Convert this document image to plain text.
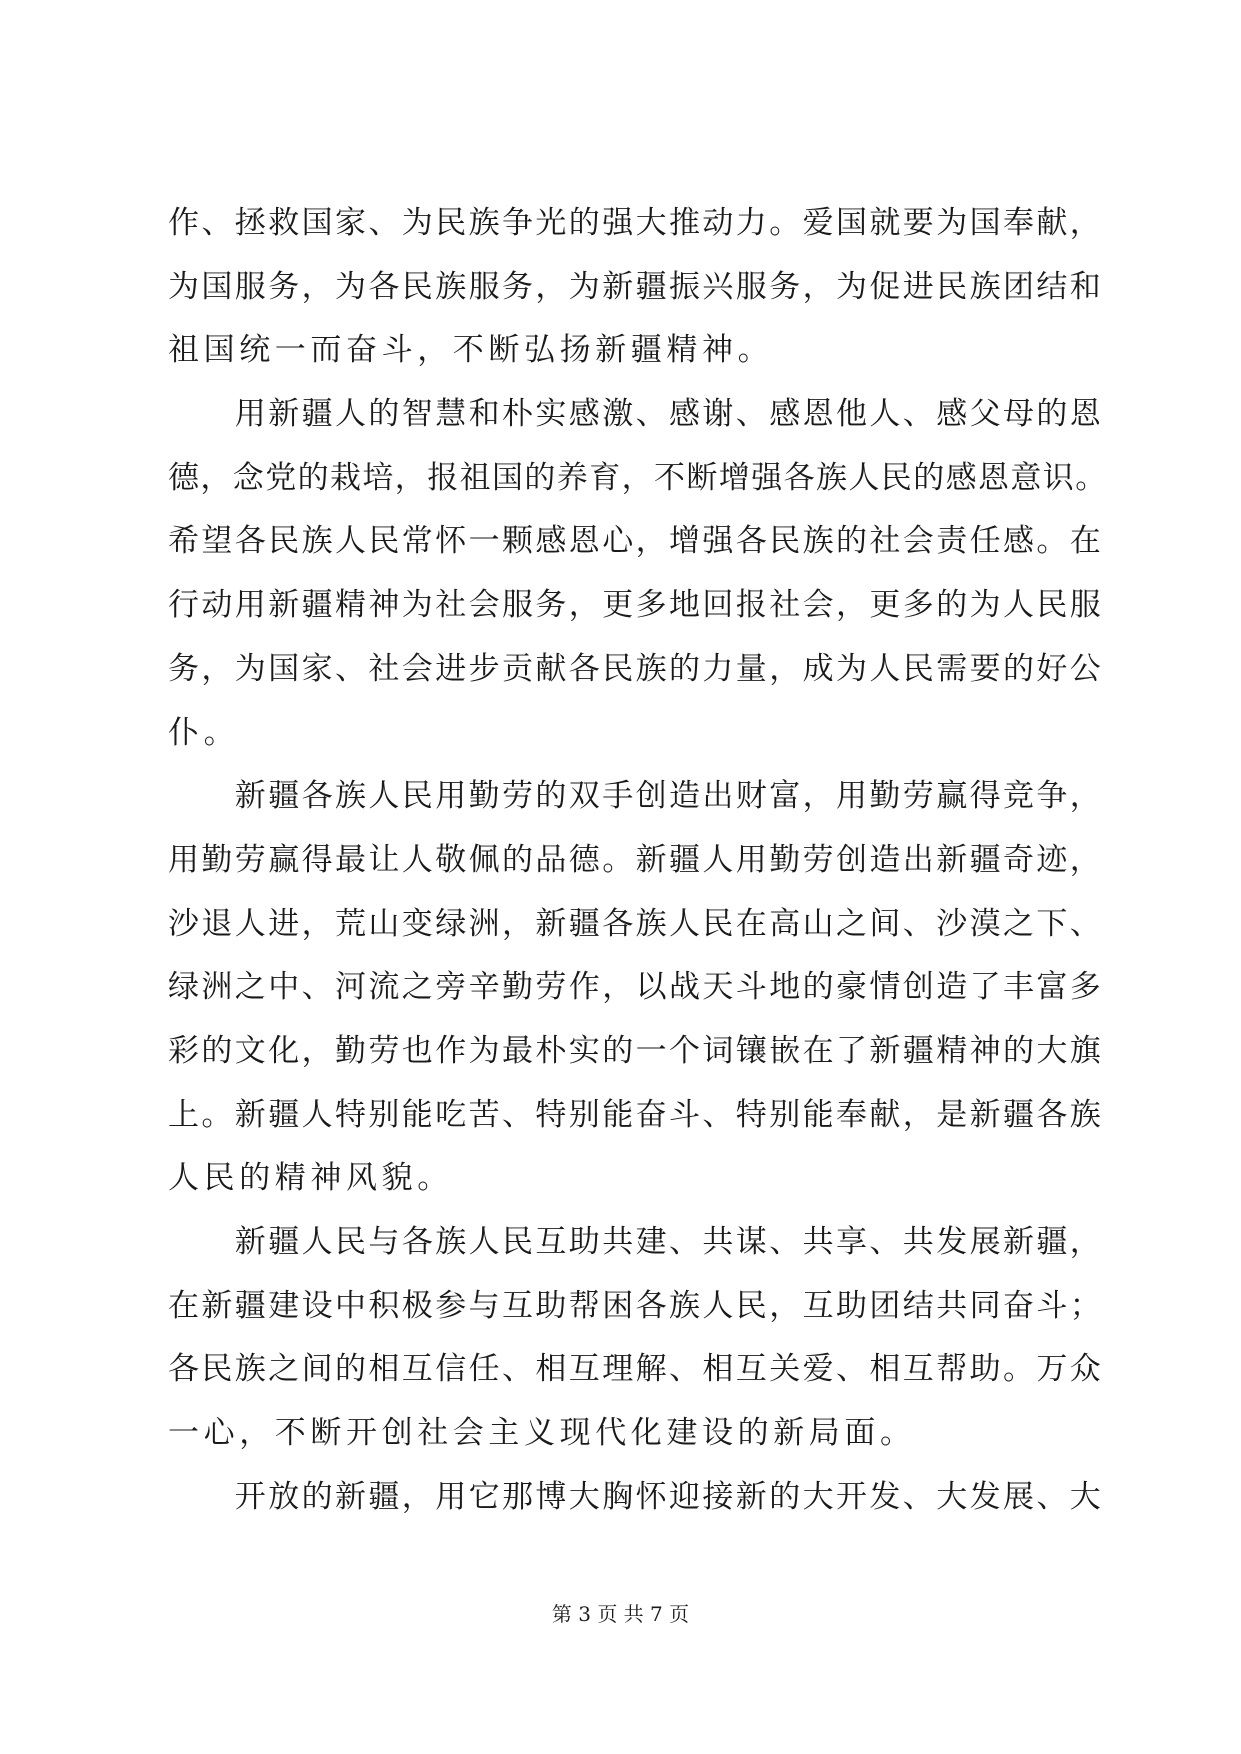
作、拯救国家、为民族争光的强大推动力。爱国就要为国奉献，
为国服务，为各民族服务，为新疆振兴服务，为促进民族团结和
祖国统一而奋斗，不断弘扬新疆精神。
　　用新疆人的智慧和朴实感激、感谢、感恩他人、感父母的恩
德，念党的栽培，报祖国的养育，不断增强各族人民的感恩意识。
希望各民族人民常怀一颗感恩心，增强各民族的社会责任感。在
行动用新疆精神为社会服务，更多地回报社会，更多的为人民服
务，为国家、社会进步贡献各民族的力量，成为人民需要的好公
仆。
　　新疆各族人民用勤劳的双手创造出财富，用勤劳赢得竞争，
用勤劳赢得最让人敬佩的品德。新疆人用勤劳创造出新疆奇迹，
沙退人进，荒山变绿洲，新疆各族人民在高山之间、沙漠之下、
绿洲之中、河流之旁辛勤劳作，以战天斗地的豪情创造了丰富多
彩的文化，勤劳也作为最朴实的一个词镶嵌在了新疆精神的大旗
上。新疆人特别能吃苦、特别能奋斗、特别能奉献，是新疆各族
人民的精神风貌。
　　新疆人民与各族人民互助共建、共谋、共享、共发展新疆，
在新疆建设中积极参与互助帮困各族人民，互助团结共同奋斗；
各民族之间的相互信任、相互理解、相互关爱、相互帮助。万众
一心，不断开创社会主义现代化建设的新局面。
　　开放的新疆，用它那博大胸怀迎接新的大开发、大发展、大
第 3 页 共 7 页
